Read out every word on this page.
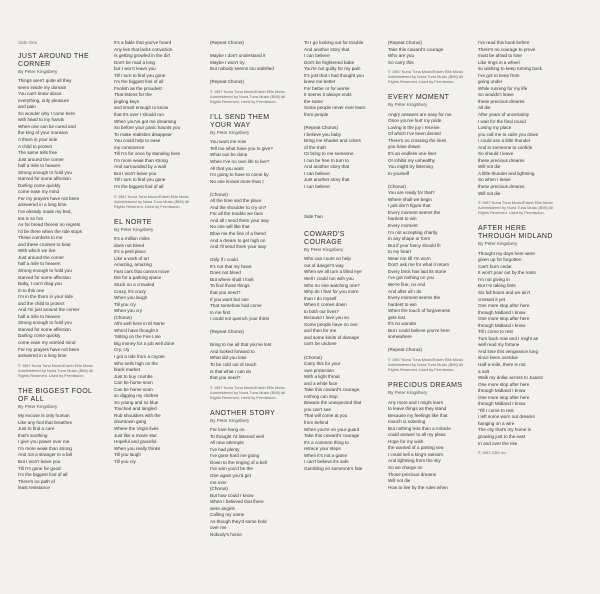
Side One
JUST AROUND THE CORNER
By Peter Kingsbery
Things aren't quite all they
seem inside my domain
You can't know about
everything, only pleasure
and pain
So wonder why I come here
with head to my hands
When one can be cured and
the king of your mansion
A thorn in your side
A child to protect
The same tells free
Just around the corner
half a mile to heaven
Strong enough to hold you
starved for some affection
Darling come quickly
come ease my mind
For my prayers have not been
answered in a long time
I've already made my bed,
tea is so hot
As for bread therein no regrets
I'd be there when the ride stops
These comforts to me
and these crosses to bear
With which we live
Just around the corner
half a mile to heaven
Strong enough to hold you
starved for some affection
Baby, I can't drag you
in to this one
I'm in the thorn in your side
and the child to protect
And I'm just around the corner
half a mile to heaven
Strong enough to hold you
starved for some affection
Darling come quickly
come ease my worried mind
For my prayers have not been
answered in a long time
© 1987 Nuna Tuna Music/Edwin Ellis Music Administered by Nuna Tuna Music (BMI) All Rights Reserved. Used by Permission.
THE BIGGEST FOOL OF ALL
By Peter Kingsbery
My excuse is only human
Like any fool that breathes
Just to find a cure
that's soothing
I give you power over me
I'm more weak than strong
And not a stranger to a fall
But I won't leave you
Till I'm gone for good
I'm the biggest fool of all
There's no path of
least resistance
It's a fable that you've heard
Any lies that lacks conviction
Is getting growled in the dirt
Don't be mad a long
but I won't leave you
Till I turn to find you gone
I'm the biggest fool of all
Foolish as the proudest
That listens for the
jingling keys
and smart enough to know
that it's over I should run
When you've got me dreaming
So before your panic haunts you
To make realistics disappear
You could help to ease
my conscience
Till I'm for once by standing here
I'm more weak than strong
And surrounded by a wall
But I won't leave you
Till I turn to find you gone
I'm the biggest fool of all
© 1987 Nuna Tuna Music/Edwin Ellis Music Administered by Nuna Tuna Music (BMI) All Rights Reserved. Used by Permission.
EL NORTE
By Peter Kingsbery
It's a million miles
does not bleed
It's a peril place
Like a work of art
Amazing, amazing
Fast cars that cannot move
Die for a parking space
Stuck on a crowded
Crazy, it's crazy
When you laugh
Till you cry
When you cry
(Chorus)
All's well here in El Norte
Who'd have thought it
'Sitting on the Fire Line
Big money for a job well done
Cry, cry
I got a ride from a coyote
Who sells high on the
black market
Just to buy crumbs
Can be home soon
Can be home soon
so digging my clothes
So young and so blue
Touched and tangled
Rub shoulders with the
downtown gang
Where the Virgin lives
Just like a movie star
Hopeful and graceful
When you really thinks
Till you laugh
Till you cry
(Repeat Chorus)
Maybe I don't understand it
Maybe I won't try
But nobody seems too satisfied
(Repeat Chorus)
© 1987 Nuna Tuna Music/Edwin Ellis Music Administered by Nuna Tuna Music (BMI) All Rights Reserved. Used by Permission.
I'LL SEND THEM YOUR WAY
By Peter Kingsbery
You want me now
Tell me what have you to give?
What can be done
When I've no own life to live?
All that you want
I'm going to have to come by
No one knows more than I
(Chorus)
All the time and the place
And the shoulder to cry on?
For all the trouble we face
And all I send them your way
No one will like that
Blow me the fine of a friend
And a dream to get high on
And I'll send them your way
Only if I could
It's not that my heart
Does not bleed
But where shall I look
To find those things
that you need?
If you want but one
That somehow had come
to me first
I could not quench your thirst
(Repeat Chorus)
Bring to me all that you've lost
And looked forward to
What did you lose
To be cold out of reach
Is that what I can do
that you need?
© 1987 Nuna Tuna Music/Edwin Ellis Music Administered by Nuna Tuna Music (BMI) All Rights Reserved. Used by Permission.
ANOTHER STORY
By Peter Kingsbery
For love hang on
To thought I'd listened well
All new attempts
I've had plenty
I've gone hard me going
Down to the ringing of a bell
I've won you'd be the
One again you'd get
me over
(Chorus)
But how could I know
When I believed that there
were angels
Calling my name
As though they'd some hold
over me
Nobody's home
To I go looking out for trouble
And another story that
I can believe
Don't be frightened babe
You're not guilty for my pain
It's just that I had thought you
knew me better
For better or for worse
It seems it always ends
the same
Some people never ever learn
from people
(Repeat Chorus)
I believe you baby
Bring me shades and colors
of the truth
Or bring to me someone
I can be free to turn to
And another story that
I can believe
Just another story that
I can believe
Side Two
COWARD'S COURAGE
By Peter Kingsbery
Who can count on help
out of danger's way
When we all turn a blind eye
Well I could run with you
Who no one watching one?
Why do I fear for you more
than I do myself
When it comes down
to both our lives?
Because I love you so
Some people have no one
and then for me
and some kinds of damage
can't be undone
(Chorus)
Carry this for your
own protection
With a light throat
and a white face
Take this coward's courage,
nothing can stop
Beware the unexpected that
you can't see
That will come at you
from behind
When you're on your guard
Take this coward's courage
It's a common thing to
retrace your steps
When it's not a game
I can't believe it's safe
Gambling on someone's fate
(Repeat Chorus)
Take this coward's courage
Who are you
So carry this
© 1987 Nuna Tuna Music/Edwin Ellis Music Administered by Nuna Tuna Music (BMI) All Rights Reserved. Used by Permission.
EVERY MOMENT
By Peter Kingsbery
Angry answers are easy for me
Once you've hurt my pride
Loving is the joy I receive
Of which I've been denied
There's no crossing the lines
you have drawn
It's an endless one-liner
Or inhibit my unhealthy
You might try listening
to yourself
(Chorus)
You are ready for that?
Where shall we begin
I just don't figure that
Every moment seems the
hardest to win
Every moment
I'm not accepting charity
In any shape or form
But if your fancy should fit
to my heart
Wear me till I'm worn
Don't ask me for what it return
Every brick has laid its stone
I've got nothing on you
We're fine, no end
And after all I do
Every moment seems the
hardest to win
When the touch of forgiveness
gets lost
It's no wonder
But I could believe you're here
somewhere
(Repeat Chorus)
© 1987 Nuna Tuna Music/Edwin Ellis Music Administered by Nuna Tuna Music (BMI) All Rights Reserved. Used by Permission.
PRECIOUS DREAMS
By Peter Kingsbery
Any more and I might learn
to leave things as they stand
Because my feelings like that
munch is sobering
But nothing less than a miracle
could answer to all my pleas
Hope for my wish
the wanted of a parting sea
I could sell a king's ransom
And lightning from the sky
So we charge on
Those precious dreams
Will not die
How to live by the rules when
I've read this book before
There's no courage to prove
must be afraid to lose
Like rings in a wheel
so wishing to keep turning back
I've got to keep from
going under
While running for my life
So wouldn't leave
these precious dreams
All die
After years of uncertainty
I wait for the final round
Losing my place
you call me to calm you down
I could use a little thunder
And in someone to confide
So should I leave
these precious dreams
Will not die
A little thunder and lightning
So when I leave
these precious dreams
Will not die
© 1987 Nuna Tuna Music/Edwin Ellis Music Administered by Nuna Tuna Music (BMI) All Rights Reserved. Used by Permission.
AFTER HERE THROUGH MIDLAND
By Peter Kingsbery
Thought my days here were
given up for forgotten
Can't burn cedar
It won't pour out by the roots
I'm not giving in
But I'm taking bets
Six full hours and we ain't
crossed it yet
One more stop after here
through Midland I know
One more stop after here
through Midland I know
Till I come to rest
Turn back now and I might as
well read my fortune
And lose this vengeance long
since been overdue
Half-a-mile, there is not
a salt
Walk my dollar across to Juarez
One more stop after here
through Midland I know
One more stop after here
through Midland I know
'Till I come to rest
I left some worn out dreams
hanging on a wire
The city that's my home is
growing just to the east
In and over the rise
© 1987 CBS Inc.
